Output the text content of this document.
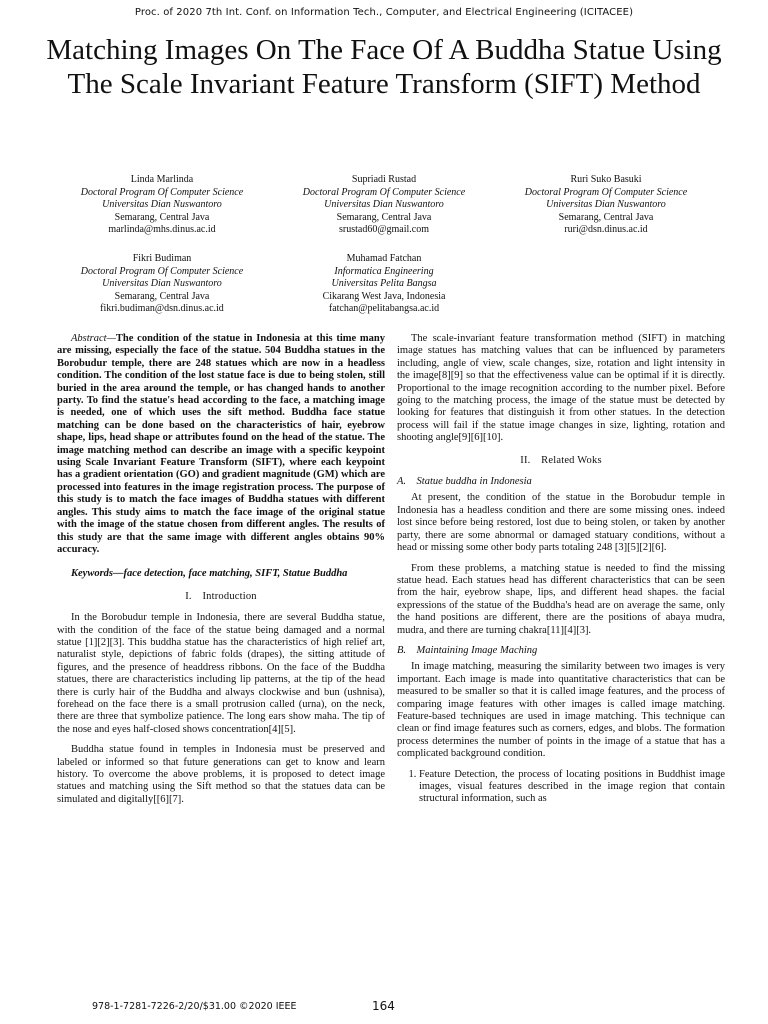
Proc. of 2020 7th Int. Conf. on Information Tech., Computer, and Electrical Engineering (ICITACEE)
Matching Images On The Face Of A Buddha Statue Using The Scale Invariant Feature Transform (SIFT) Method
Linda Marlinda
Doctoral Program Of Computer Science
Universitas Dian Nuswantoro
Semarang, Central Java
marlinda@mhs.dinus.ac.id
Supriadi Rustad
Doctoral Program Of Computer Science
Universitas Dian Nuswantoro
Semarang, Central Java
srustad60@gmail.com
Ruri Suko Basuki
Doctoral Program Of Computer Science
Universitas Dian Nuswantoro
Semarang, Central Java
ruri@dsn.dinus.ac.id
Fikri Budiman
Doctoral Program Of Computer Science
Universitas Dian Nuswantoro
Semarang, Central Java
fikri.budiman@dsn.dinus.ac.id
Muhamad Fatchan
Informatica Engineering
Universitas Pelita Bangsa
Cikarang West Java, Indonesia
fatchan@pelitabangsa.ac.id

Abstract—The condition of the statue in Indonesia at this time many are missing, especially the face of the statue. 504 Buddha statues in the Borobudur temple, there are 248 statues which are now in a headless condition. The condition of the lost statue face is due to being stolen, still buried in the area around the temple, or has changed hands to another party. To find the statue's head according to the face, a matching image is needed, one of which uses the sift method. Buddha face statue matching can be done based on the characteristics of hair, eyebrow shape, lips, head shape or attributes found on the head of the statue. The image matching method can describe an image with a specific keypoint using Scale Invariant Feature Transform (SIFT), where each keypoint has a gradient orientation (GO) and gradient magnitude (GM) which are processed into features in the image registration process. The purpose of this study is to match the face images of Buddha statues with different angles. This study aims to match the face image of the original statue with the image of the statue chosen from different angles. The results of this study are that the same image with different angles obtains 90% accuracy.

Keywords—face detection, face matching, SIFT, Statue Buddha

I. Introduction

In the Borobudur temple in Indonesia, there are several Buddha statue, with the condition of the face of the statue being damaged and a normal statue [1][2][3]. This buddha statue has the characteristics of high relief art, naturalist style, depictions of fabric folds (drapes), the sitting attitude of figures, and the presence of headdress ribbons. On the face of the Buddha statues, there are characteristics including lip patterns, at the tip of the head there is curly hair of the Buddha and always clockwise and bun (ushnisa), forehead on the face there is a small protrusion called (urna), on the neck, there are three that symbolize patience. The long ears show maha. The tip of the nose and eyes half-closed shows concentration[4][5].

Buddha statue found in temples in Indonesia must be preserved and labeled or informed so that future generations can get to know and learn history. To overcome the above problems, it is proposed to detect image statues and matching using the Sift method so that the statues data can be simulated and digitally[[6][7].

The scale-invariant feature transformation method (SIFT) in matching image statues has matching values that can be influenced by parameters including, angle of view, scale changes, size, rotation and light intensity in the image[8][9] so that the effectiveness value can be optimal if it is directly. Proportional to the image recognition according to the number pixel. Before going to the matching process, the image of the statue must be detected by looking for features that distinguish it from other statues. In the detection process will fail if the statue image changes in size, lighting, rotation and shooting angle[9][6][10].

II. Related Woks
A. Statue buddha in Indonesia

At present, the condition of the statue in the Borobudur temple in Indonesia has a headless condition and there are some missing ones. indeed lost since before being restored, lost due to being stolen, or taken by another party, there are some abnormal or damaged statuary conditions, without a head or missing some other body parts totaling 248 [3][5][2][6].

From these problems, a matching statue is needed to find the missing statue head. Each statues head has different characteristics that can be seen from the hair, eyebrow shape, lips, and different head shapes. the facial expressions of the statue of the Buddha's head are on average the same, only the hand positions are different, there are the positions of abaya mudra, mudra, and there are turning chakra[11][4][3].

B. Maintaining Image Maching

In image matching, measuring the similarity between two images is very important. Each image is made into quantitative characteristics that can be measured to be smaller so that it is called image features, and the process of comparing image features with other images is called image matching. Feature-based techniques are used in image matching. This technique can clean or find image features such as corners, edges, and blobs. The formation process determines the number of points in the image of a statue that has a complicated background condition.

1. Feature Detection, the process of locating positions in Buddhist image images, visual features described in the image region that contain structural information, such as
978-1-7281-7226-2/20/$31.00 ©2020 IEEE	164
